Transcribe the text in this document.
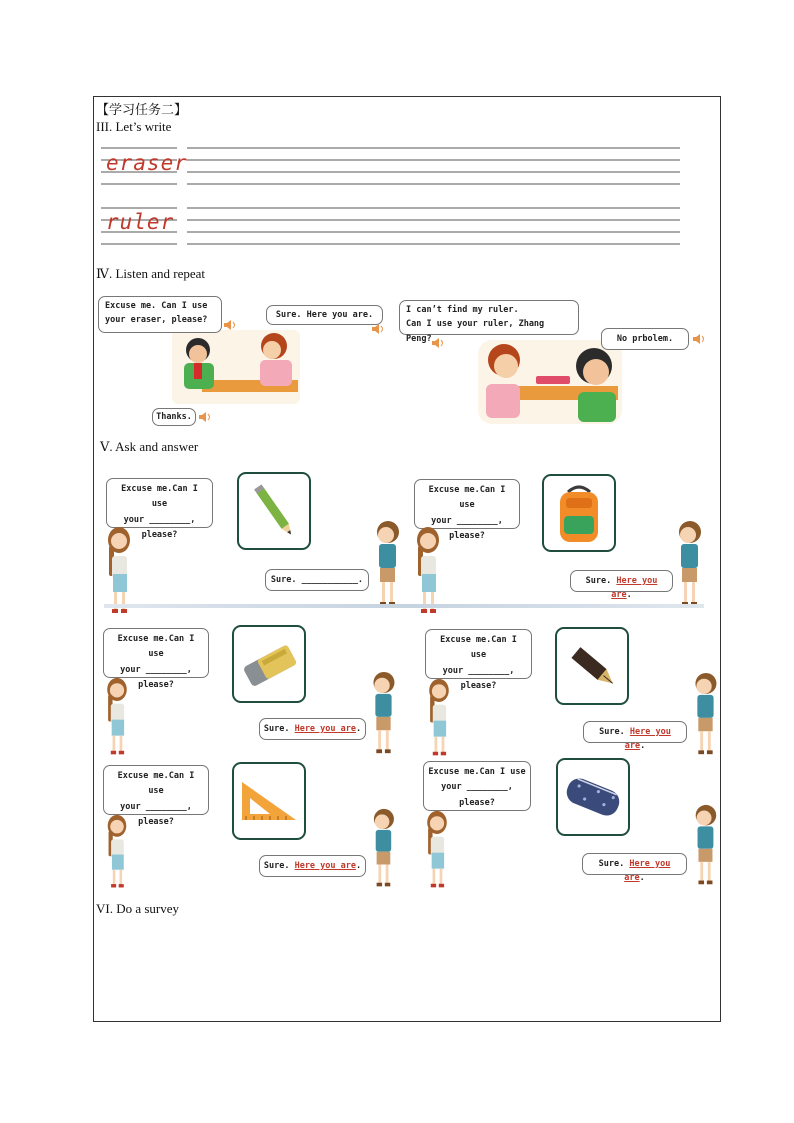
【学习任务二】
III. Let’s write
Ⅳ. Listen and repeat
Ⅴ. Ask and answer
VI. Do a survey
eraser
ruler
Excuse me. Can I use
your eraser, please?
Sure. Here you are.
Thanks.
I can’t find my ruler.
Can I use your ruler, Zhang Peng?	No prbolem.
Excuse me.Can I use
your ________,
please?
Sure. ___________.
Excuse me.Can I use
your ________,
please?
Sure. Here you are.
Excuse me.Can I use
your ________,
please?
Sure. Here you are.
Excuse me.Can I use
your ________,
please?
Sure. Here you are.
Excuse me.Can I use
your ________,
please?
Sure. Here you are.
Excuse me.Can I use
your ________,
please?
Sure. Here you are.
